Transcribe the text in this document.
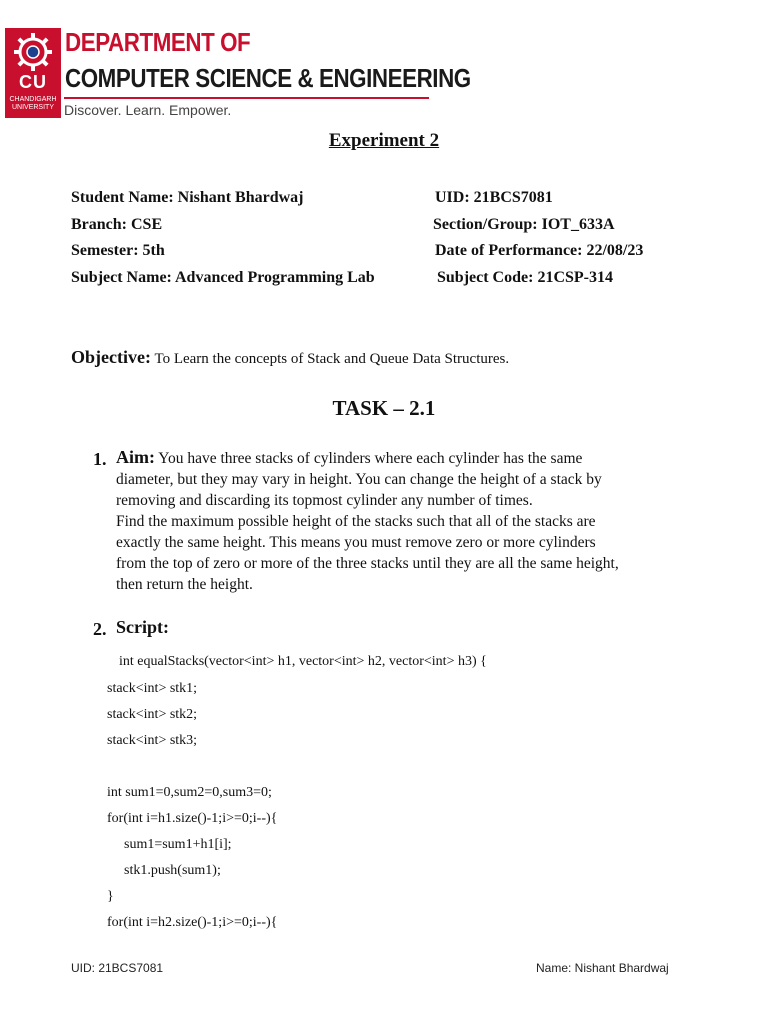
CU
CHANDIGARH UNIVERSITY
DEPARTMENT OF
COMPUTER SCIENCE & ENGINEERING
Discover. Learn. Empower.
Experiment 2
Student Name: Nishant Bhardwaj	UID: 21BCS7081
Branch: CSE	Section/Group: IOT_633A
Semester: 5th	Date of Performance: 22/08/23
Subject Name: Advanced Programming Lab	Subject Code: 21CSP-314
Objective: To Learn the concepts of Stack and Queue Data Structures.
TASK – 2.1
1. Aim: You have three stacks of cylinders where each cylinder has the same
diameter, but they may vary in height. You can change the height of a stack by
removing and discarding its topmost cylinder any number of times.
Find the maximum possible height of the stacks such that all of the stacks are
exactly the same height. This means you must remove zero or more cylinders
from the top of zero or more of the three stacks until they are all the same height,
then return the height.
2. Script:
int equalStacks(vector<int> h1, vector<int> h2, vector<int> h3) {
stack<int> stk1;
stack<int> stk2;
stack<int> stk3;
int sum1=0,sum2=0,sum3=0;
for(int i=h1.size()-1;i>=0;i--){
sum1=sum1+h1[i];
stk1.push(sum1);
}
for(int i=h2.size()-1;i>=0;i--){
UID: 21BCS7081	Name: Nishant Bhardwaj
